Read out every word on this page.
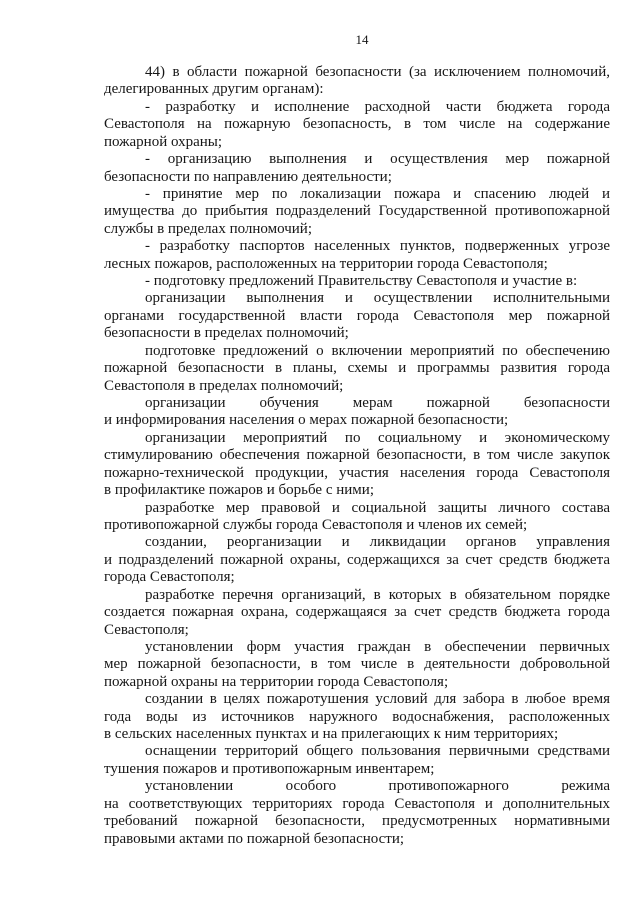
14
44) в области пожарной безопасности (за исключением полномочий,
делегированных другим органам):
- разработку и исполнение расходной части бюджета города
Севастополя на пожарную безопасность, в том числе на содержание
пожарной охраны;
- организацию выполнения и осуществления мер пожарной
безопасности по направлению деятельности;
- принятие мер по локализации пожара и спасению людей и
имущества до прибытия подразделений Государственной противопожарной
службы в пределах полномочий;
- разработку паспортов населенных пунктов, подверженных угрозе
лесных пожаров, расположенных на территории города Севастополя;
- подготовку предложений Правительству Севастополя и участие в:
организации выполнения и осуществлении исполнительными
органами государственной власти города Севастополя мер пожарной
безопасности в пределах полномочий;
подготовке предложений о включении мероприятий по обеспечению
пожарной безопасности в планы, схемы и программы развития города
Севастополя в пределах полномочий;
организации обучения мерам пожарной безопасности
и информирования населения о мерах пожарной безопасности;
организации мероприятий по социальному и экономическому
стимулированию обеспечения пожарной безопасности, в том числе закупок
пожарно-технической продукции, участия населения города Севастополя
в профилактике пожаров и борьбе с ними;
разработке мер правовой и социальной защиты личного состава
противопожарной службы города Севастополя и членов их семей;
создании, реорганизации и ликвидации органов управления
и подразделений пожарной охраны, содержащихся за счет средств бюджета
города Севастополя;
разработке перечня организаций, в которых в обязательном порядке
создается пожарная охрана, содержащаяся за счет средств бюджета города
Севастополя;
установлении форм участия граждан в обеспечении первичных
мер пожарной безопасности, в том числе в деятельности добровольной
пожарной охраны на территории города Севастополя;
создании в целях пожаротушения условий для забора в любое время
года воды из источников наружного водоснабжения, расположенных
в сельских населенных пунктах и на прилегающих к ним территориях;
оснащении территорий общего пользования первичными средствами
тушения пожаров и противопожарным инвентарем;
установлении особого противопожарного режима
на соответствующих территориях города Севастополя и дополнительных
требований пожарной безопасности, предусмотренных нормативными
правовыми актами по пожарной безопасности;
